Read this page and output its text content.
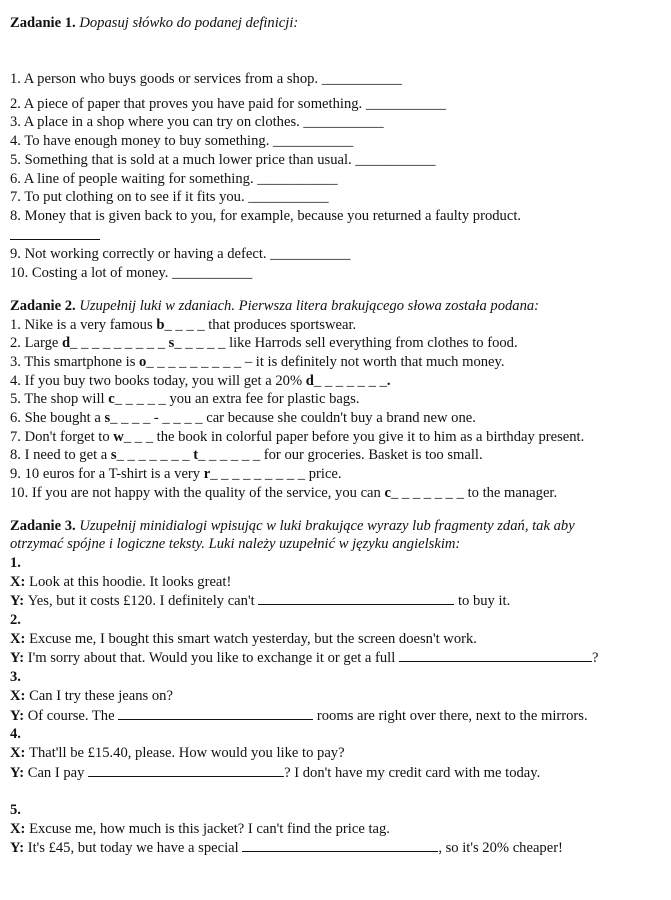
Zadanie 1. Dopasuj słówko do podanej definicji:
1. A person who buys goods or services from a shop. ___________
2. A piece of paper that proves you have paid for something. ___________
3. A place in a shop where you can try on clothes. ___________
4. To have enough money to buy something. ___________
5. Something that is sold at a much lower price than usual. ___________
6. A line of people waiting for something. ___________
7. To put clothing on to see if it fits you. ___________
8. Money that is given back to you, for example, because you returned a faulty product.
9. Not working correctly or having a defect. ___________
10. Costing a lot of money. ___________
Zadanie 2. Uzupełnij luki w zdaniach. Pierwsza litera brakującego słowa została podana:
1. Nike is a very famous b_ _ _ _ that produces sportswear.
2. Large d_ _ _ _ _ _ _ _ _ s_ _ _ _ _ like Harrods sell everything from clothes to food.
3. This smartphone is o_ _ _ _ _ _ _ _ _ – it is definitely not worth that much money.
4. If you buy two books today, you will get a 20% d_ _ _ _ _ _ _.
5. The shop will c_ _ _ _ _ you an extra fee for plastic bags.
6. She bought a s_ _ _ _ - _ _ _ _ car because she couldn't buy a brand new one.
7. Don't forget to w_ _ _ the book in colorful paper before you give it to him as a birthday present.
8. I need to get a s_ _ _ _ _ _ _ t_ _ _ _ _ _ for our groceries. Basket is too small.
9. 10 euros for a T-shirt is a very r_ _ _ _ _ _ _ _ _ price.
10. If you are not happy with the quality of the service, you can c_ _ _ _ _ _ _ to the manager.
Zadanie 3. Uzupełnij minidialogi wpisując w luki brakujące wyrazy lub fragmenty zdań, tak aby
otrzymać spójne i logiczne teksty. Luki należy uzupełnić w języku angielskim:
1.
X: Look at this hoodie. It looks great!
Y: Yes, but it costs £120. I definitely can't	to buy it.
2.
X: Excuse me, I bought this smart watch yesterday, but the screen doesn't work.
Y: I'm sorry about that. Would you like to exchange it or get a full	?
3.
X: Can I try these jeans on?
Y: Of course. The	rooms are right over there, next to the mirrors.
4.
X: That'll be £15.40, please. How would you like to pay?
Y: Can I pay	? I don't have my credit card with me today.
5.
X: Excuse me, how much is this jacket? I can't find the price tag.
Y: It's £45, but today we have a special	, so it's 20% cheaper!
